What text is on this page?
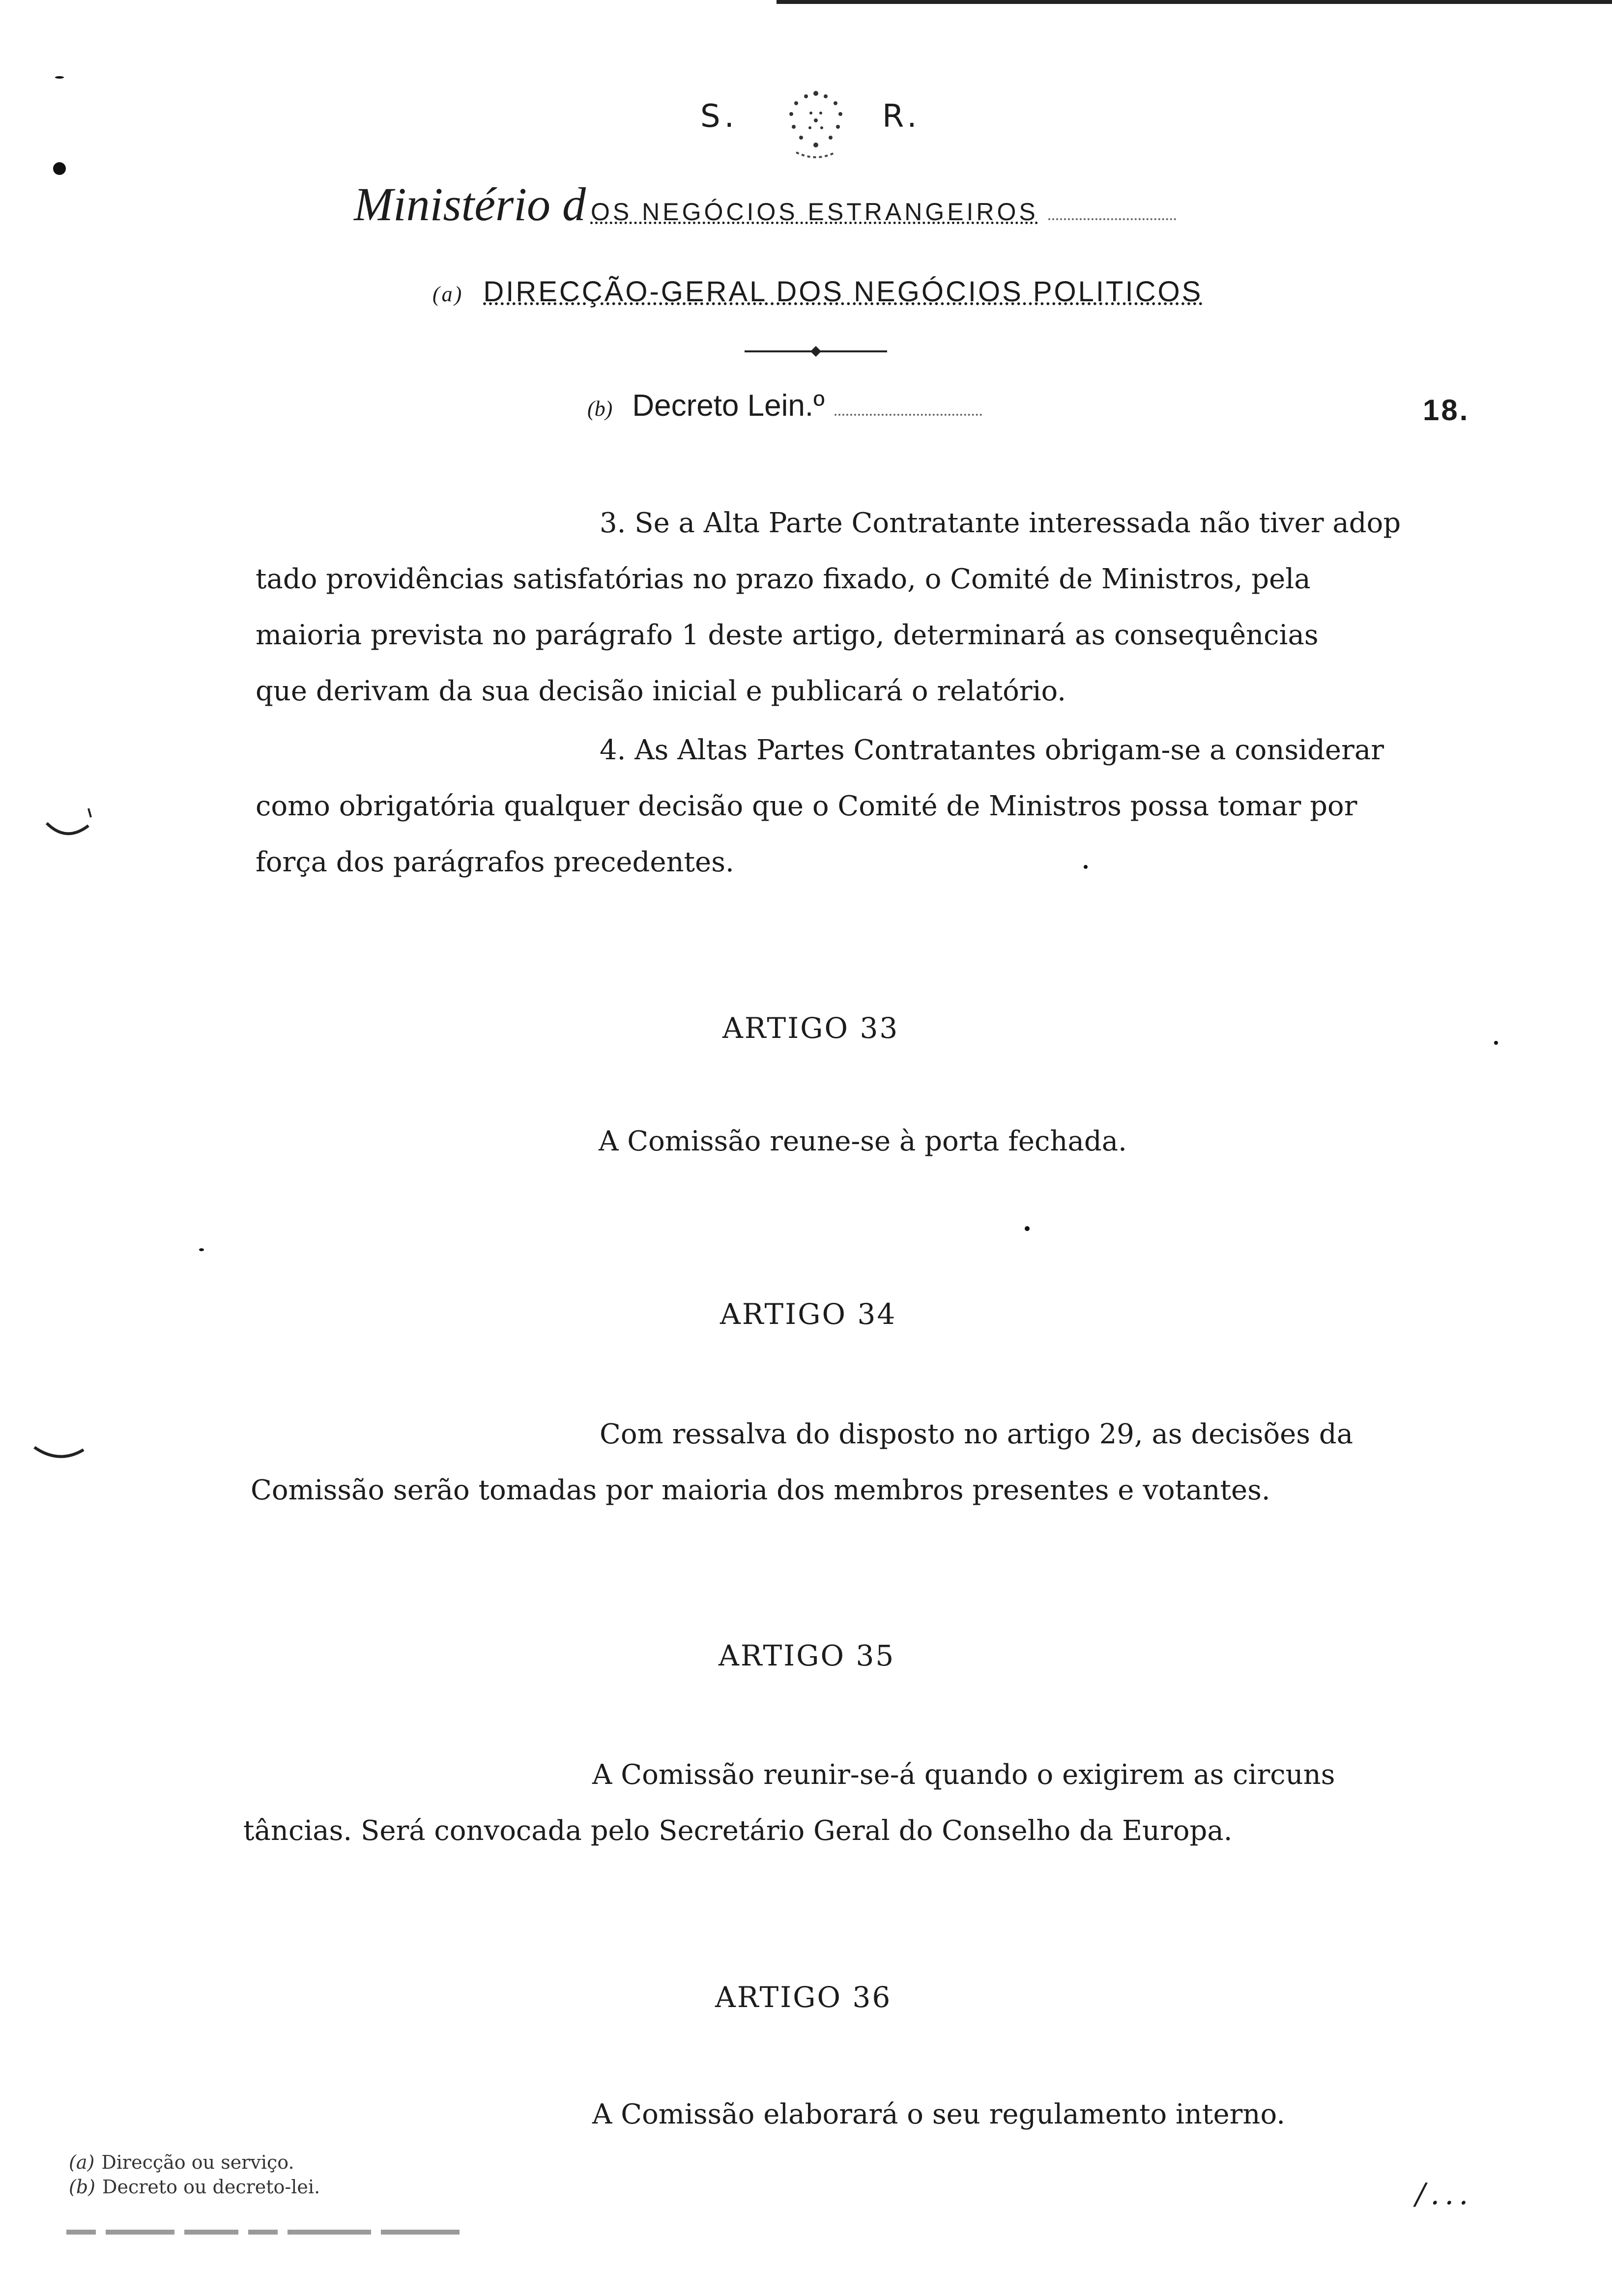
S.	R.
Ministério d OS NEGÓCIOS ESTRANGEIROS
(a) DIRECÇÃO-GERAL DOS NEGÓCIOS POLITICOS
(b) Decreto Lein.º	18.
3. Se a Alta Parte Contratante interessada não tiver adop
tado providências satisfatórias no prazo fixado, o Comité de Ministros, pela
maioria prevista no parágrafo 1 deste artigo, determinará as consequências
que derivam da sua decisão inicial e publicará o relatório.
4. As Altas Partes Contratantes obrigam-se a considerar
como obrigatória qualquer decisão que o Comité de Ministros possa tomar por
força dos parágrafos precedentes.
ARTIGO 33
A Comissão reune-se à porta fechada.
ARTIGO 34
Com ressalva do disposto no artigo 29, as decisões da
Comissão serão tomadas por maioria dos membros presentes e votantes.
ARTIGO 35
A Comissão reunir-se-á quando o exigirem as circuns
tâncias. Será convocada pelo Secretário Geral do Conselho da Europa.
ARTIGO 36
A Comissão elaborará o seu regulamento interno.
(a) Direcção ou serviço.
(b) Decreto ou decreto-lei.	/...
